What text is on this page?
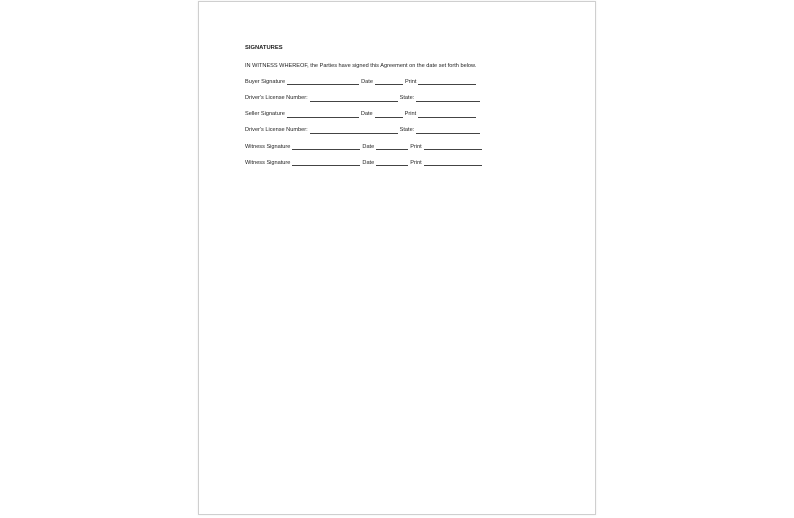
SIGNATURES
IN WITNESS WHEREOF, the Parties have signed this Agreement on the date set forth below.
Buyer Signature	Date	Print
Driver's License Number:	State:
Seller Signature	Date	Print
Driver's License Number:	State:
Witness Signature	Date	Print
Witness Signature	Date	Print
